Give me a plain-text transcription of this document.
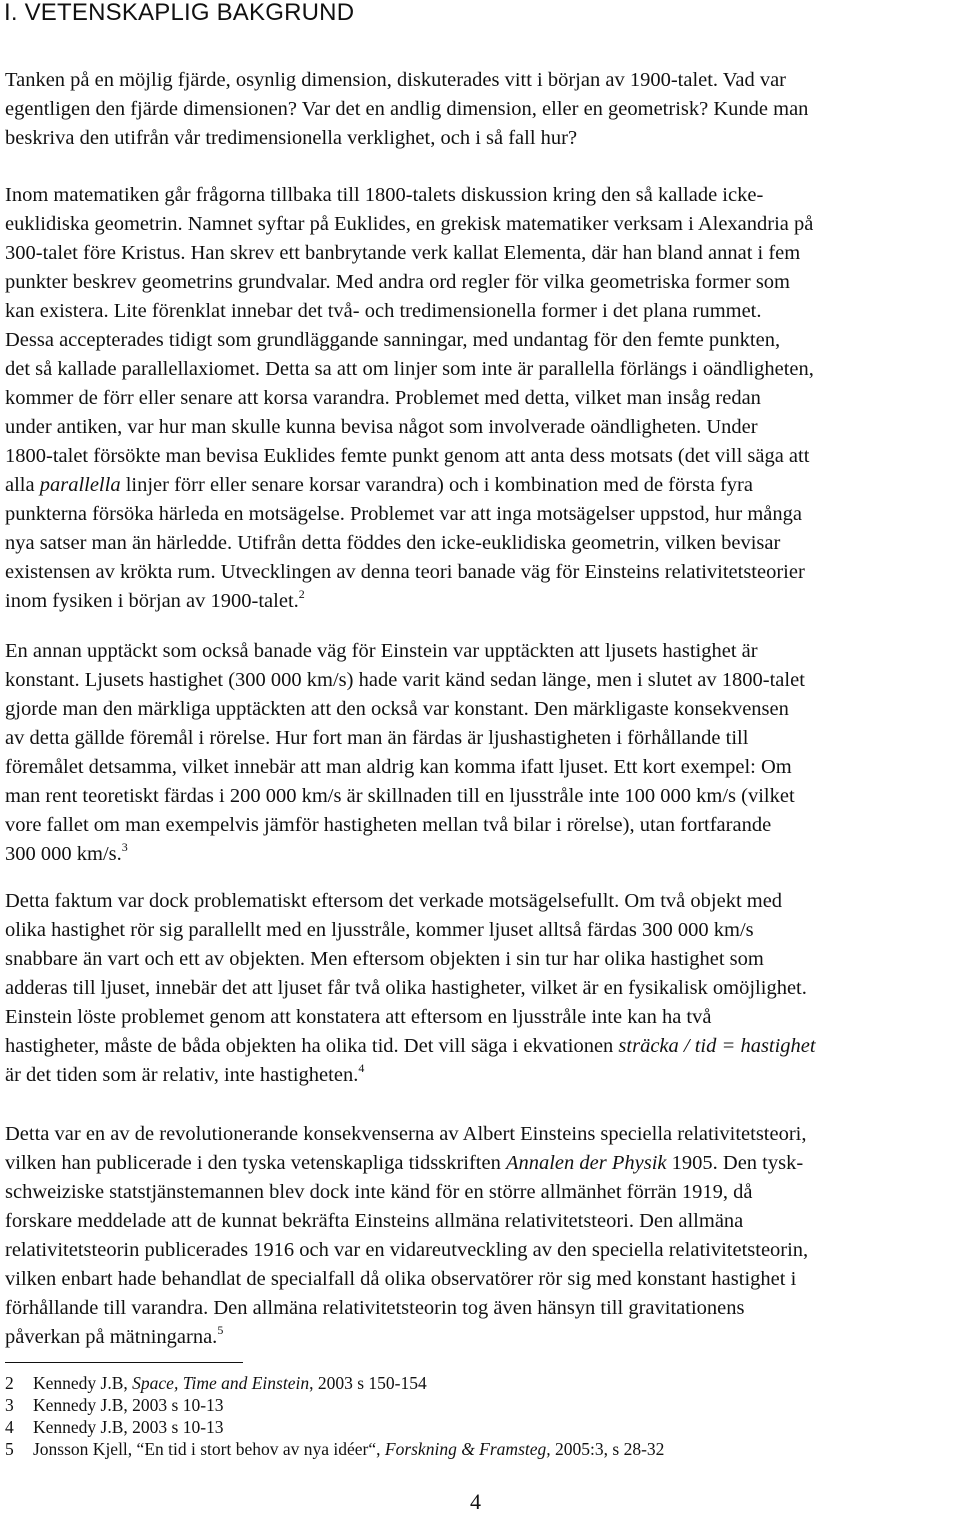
I. VETENSKAPLIG BAKGRUND
Tanken på en möjlig fjärde, osynlig dimension, diskuterades vitt i början av 1900-talet. Vad var
egentligen den fjärde dimensionen? Var det en andlig dimension, eller en geometrisk? Kunde man
beskriva den utifrån vår tredimensionella verklighet, och i så fall hur?
Inom matematiken går frågorna tillbaka till 1800-talets diskussion kring den så kallade icke-
euklidiska geometrin. Namnet syftar på Euklides, en grekisk matematiker verksam i Alexandria på
300-talet före Kristus. Han skrev ett banbrytande verk kallat Elementa, där han bland annat i fem
punkter beskrev geometrins grundvalar. Med andra ord regler för vilka geometriska former som
kan existera. Lite förenklat innebar det två- och tredimensionella former i det plana rummet.
Dessa accepterades tidigt som grundläggande sanningar, med undantag för den femte punkten,
det så kallade parallellaxiomet. Detta sa att om linjer som inte är parallella förlängs i oändligheten,
kommer de förr eller senare att korsa varandra. Problemet med detta, vilket man insåg redan
under antiken, var hur man skulle kunna bevisa något som involverade oändligheten. Under
1800-talet försökte man bevisa Euklides femte punkt genom att anta dess motsats (det vill säga att
alla parallella linjer förr eller senare korsar varandra) och i kombination med de första fyra
punkterna försöka härleda en motsägelse. Problemet var att inga motsägelser uppstod, hur många
nya satser man än härledde. Utifrån detta föddes den icke-euklidiska geometrin, vilken bevisar
existensen av krökta rum. Utvecklingen av denna teori banade väg för Einsteins relativitetsteorier
inom fysiken i början av 1900-talet.$^2$
En annan upptäckt som också banade väg för Einstein var upptäckten att ljusets hastighet är
konstant. Ljusets hastighet (300 000 km/s) hade varit känd sedan länge, men i slutet av 1800-talet
gjorde man den märkliga upptäckten att den också var konstant. Den märkligaste konsekvensen
av detta gällde föremål i rörelse. Hur fort man än färdas är ljushastigheten i förhållande till
föremålet detsamma, vilket innebär att man aldrig kan komma ifatt ljuset. Ett kort exempel: Om
man rent teoretiskt färdas i 200 000 km/s är skillnaden till en ljusstråle inte 100 000 km/s (vilket
vore fallet om man exempelvis jämför hastigheten mellan två bilar i rörelse), utan fortfarande
300 000 km/s.$^3$
Detta faktum var dock problematiskt eftersom det verkade motsägelsefullt. Om två objekt med
olika hastighet rör sig parallellt med en ljusstråle, kommer ljuset alltså färdas 300 000 km/s
snabbare än vart och ett av objekten. Men eftersom objekten i sin tur har olika hastighet som
adderas till ljuset, innebär det att ljuset får två olika hastigheter, vilket är en fysikalisk omöjlighet.
Einstein löste problemet genom att konstatera att eftersom en ljusstråle inte kan ha två
hastigheter, måste de båda objekten ha olika tid. Det vill säga i ekvationen sträcka / tid = hastighet
är det tiden som är relativ, inte hastigheten.$^4$
Detta var en av de revolutionerande konsekvenserna av Albert Einsteins speciella relativitetsteori,
vilken han publicerade i den tyska vetenskapliga tidsskriften Annalen der Physik 1905. Den tysk-
schweiziske statstjänstemannen blev dock inte känd för en större allmänhet förrän 1919, då
forskare meddelade att de kunnat bekräfta Einsteins allmäna relativitetsteori. Den allmäna
relativitetsteorin publicerades 1916 och var en vidareutveckling av den speciella relativitetsteorin,
vilken enbart hade behandlat de specialfall då olika observatörer rör sig med konstant hastighet i
förhållande till varandra. Den allmäna relativitetsteorin tog även hänsyn till gravitationens
påverkan på mätningarna.$^5$
2 Kennedy J.B, Space, Time and Einstein, 2003 s 150-154
3 Kennedy J.B, 2003 s 10-13
4 Kennedy J.B, 2003 s 10-13
5 Jonsson Kjell, “En tid i stort behov av nya idéer“, Forskning & Framsteg, 2005:3, s 28-32
4
